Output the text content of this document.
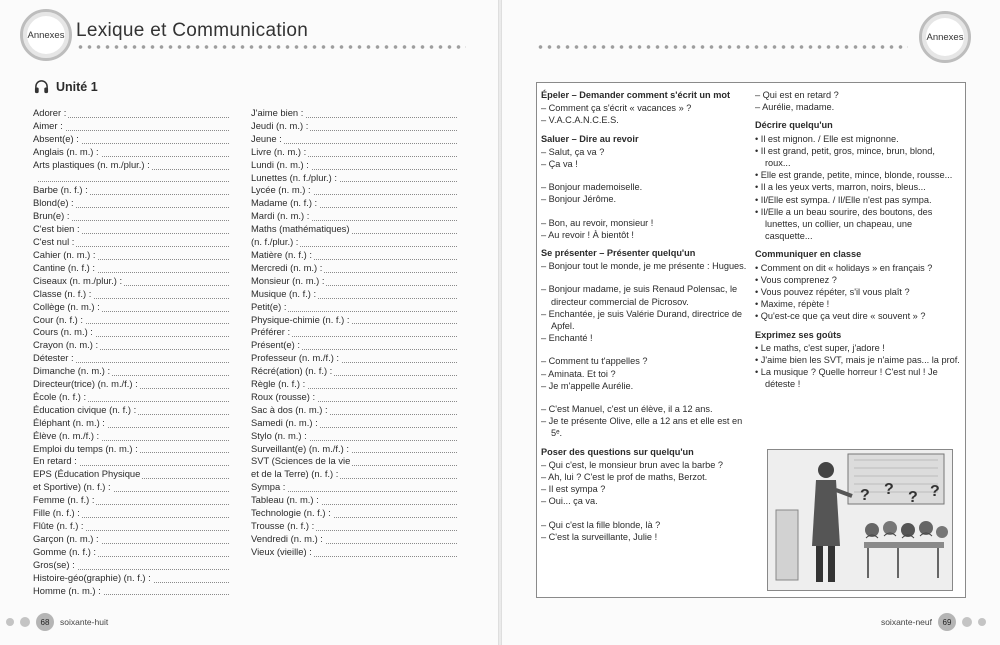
Annexes Lexique et Communication
Unité 1
Adorer :
Aimer :
Absent(e) :
Anglais (n. m.) :
Arts plastiques (n. m./plur.) :

Barbe (n. f.) :
Blond(e) :
Brun(e) :
C'est bien :
C'est nul :
Cahier (n. m.) :
Cantine (n. f.) :
Ciseaux (n. m./plur.) :
Classe (n. f.) :
Collège (n. m.) :
Cour (n. f.) :
Cours (n. m.) :
Crayon (n. m.) :
Détester :
Dimanche (n. m.) :
Directeur(trice) (n. m./f.) :
École (n. f.) :
Éducation civique (n. f.) :
Éléphant (n. m.) :
Élève (n. m./f.) :
Emploi du temps (n. m.) :
En retard :
EPS (Éducation Physique
et Sportive) (n. f.) :
Femme (n. f.) :
Fille (n. f.) :
Flûte (n. f.) :
Garçon (n. m.) :
Gomme (n. f.) :
Gros(se) :
Histoire-géo(graphie) (n. f.) :
Homme (n. m.) :
J'aime bien :
Jeudi (n. m.) :
Jeune :
Livre (n. m.) :
Lundi (n. m.) :
Lunettes (n. f./plur.) :
Lycée (n. m.) :
Madame (n. f.) :
Mardi (n. m.) :
Maths (mathématiques)
(n. f./plur.) :
Matière (n. f.) :
Mercredi (n. m.) :
Monsieur (n. m.) :
Musique (n. f.) :
Petit(e) :
Physique-chimie (n. f.) :
Préférer :
Présent(e) :
Professeur (n. m./f.) :
Récré(ation) (n. f.) :
Règle (n. f.) :
Roux (rousse) :
Sac à dos (n. m.) :
Samedi (n. m.) :
Stylo (n. m.) :
Surveillant(e) (n. m./f.) :
SVT (Sciences de la vie
et de la Terre) (n. f.) :
Sympa :
Tableau (n. m.) :
Technologie (n. f.) :
Trousse (n. f.) :
Vendredi (n. m.) :
Vieux (vieille) :
68	soixante-huit
Annexes
Épeler – Demander comment s'écrit un mot
– Comment ça s'écrit « vacances » ?
– V.A.C.A.N.C.E.S.
Saluer – Dire au revoir
– Salut, ça va ?
– Ça va !
– Bonjour mademoiselle.
– Bonjour Jérôme.
– Bon, au revoir, monsieur !
– Au revoir ! À bientôt !
Se présenter – Présenter quelqu'un
– Bonjour tout le monde, je me présente : Hugues.
– Bonjour madame, je suis Renaud Polensac, le directeur commercial de Picrosov.
– Enchantée, je suis Valérie Durand, directrice de Apfel.
– Enchanté !
– Comment tu t'appelles ?
– Aminata. Et toi ?
– Je m'appelle Aurélie.
– C'est Manuel, c'est un élève, il a 12 ans.
– Je te présente Olive, elle a 12 ans et elle est en 5ᵉ.
Poser des questions sur quelqu'un
– Qui c'est, le monsieur brun avec la barbe ?
– Ah, lui ? C'est le prof de maths, Berzot.
– Il est sympa ?
– Oui... ça va.
– Qui c'est la fille blonde, là ?
– C'est la surveillante, Julie !
– Qui est en retard ?
– Aurélie, madame.
Décrire quelqu'un
• Il est mignon. / Elle est mignonne.
• Il est grand, petit, gros, mince, brun, blond, roux...
• Elle est grande, petite, mince, blonde, rousse...
• Il a les yeux verts, marron, noirs, bleus...
• Il/Elle est sympa. / Il/Elle n'est pas sympa.
• Il/Elle a un beau sourire, des boutons, des lunettes, un collier, un chapeau, une casquette...
Communiquer en classe
• Comment on dit « holidays » en français ?
• Vous comprenez ?
• Vous pouvez répéter, s'il vous plaît ?
• Maxime, répète !
• Qu'est-ce que ça veut dire « souvent » ?
Exprimez ses goûts
• Le maths, c'est super, j'adore !
• J'aime bien les SVT, mais je n'aime pas... la prof.
• La musique ? Quelle horreur ! C'est nul ! Je déteste !
? ? ? ?
soixante-neuf	69
